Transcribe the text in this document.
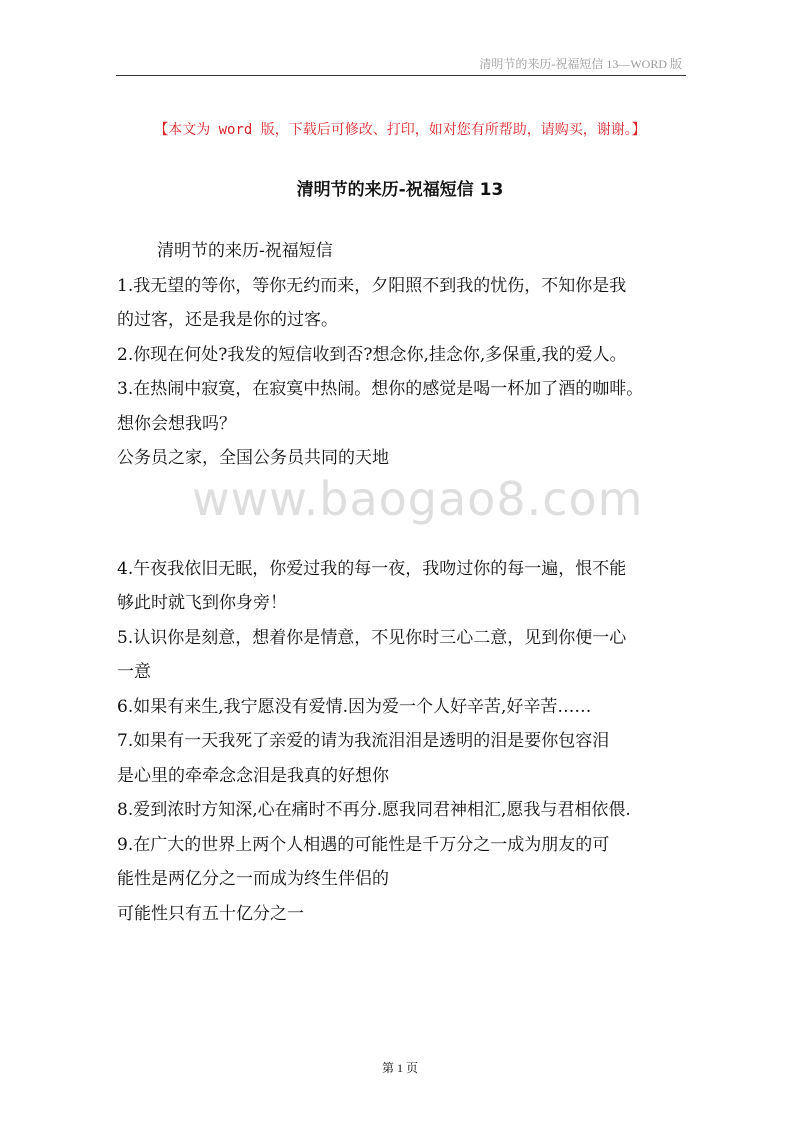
清明节的来历-祝福短信 13—WORD 版
【本文为 word 版，下载后可修改、打印，如对您有所帮助，请购买，谢谢。】
清明节的来历-祝福短信 13
清明节的来历-祝福短信
1.我无望的等你，等你无约而来，夕阳照不到我的忧伤，不知你是我
的过客，还是我是你的过客。
2.你现在何处?我发的短信收到否?想念你,挂念你,多保重,我的爱人。
3.在热闹中寂寞，在寂寞中热闹。想你的感觉是喝一杯加了酒的咖啡。
想你会想我吗？
公务员之家，全国公务员共同的天地
www.baogao8.com
4.午夜我依旧无眠，你爱过我的每一夜，我吻过你的每一遍，恨不能
够此时就飞到你身旁！
5.认识你是刻意，想着你是情意，不见你时三心二意，见到你便一心
一意
6.如果有来生,我宁愿没有爱情.因为爱一个人好辛苦,好辛苦……
7.如果有一天我死了亲爱的请为我流泪泪是透明的泪是要你包容泪
是心里的牵牵念念泪是我真的好想你
8.爱到浓时方知深,心在痛时不再分.愿我同君神相汇,愿我与君相依偎.
9.在广大的世界上两个人相遇的可能性是千万分之一成为朋友的可
能性是两亿分之一而成为终生伴侣的
可能性只有五十亿分之一
第 1 页
